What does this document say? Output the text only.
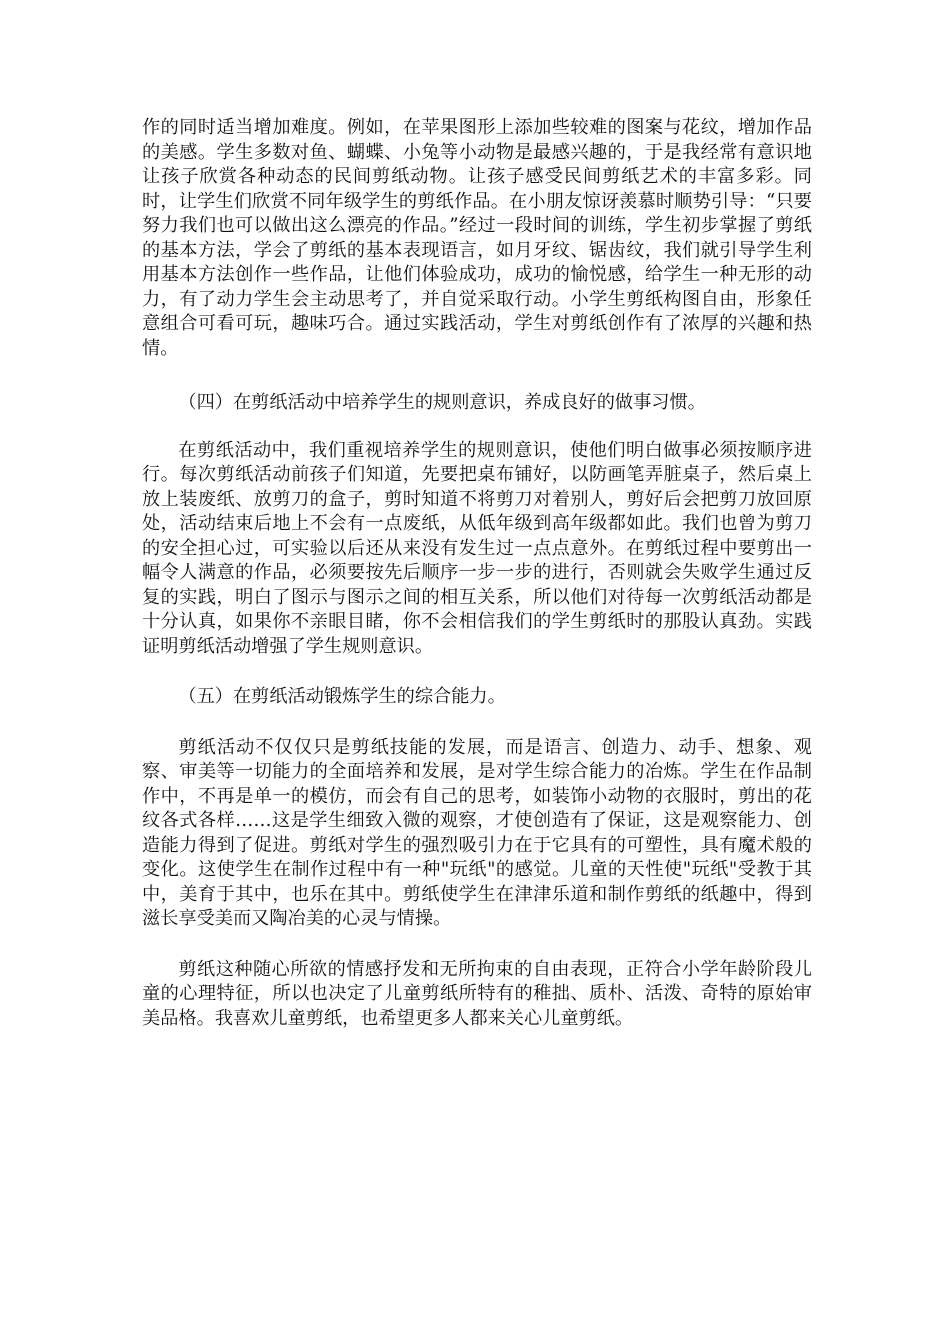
作的同时适当增加难度。例如，在苹果图形上添加些较难的图案与花纹，增加作品的美感。学生多数对鱼、蝴蝶、小兔等小动物是最感兴趣的，于是我经常有意识地让孩子欣赏各种动态的民间剪纸动物。让孩子感受民间剪纸艺术的丰富多彩。同时，让学生们欣赏不同年级学生的剪纸作品。在小朋友惊讶羡慕时顺势引导：“只要努力我们也可以做出这么漂亮的作品。”经过一段时间的训练，学生初步掌握了剪纸的基本方法，学会了剪纸的基本表现语言，如月牙纹、锯齿纹，我们就引导学生利用基本方法创作一些作品，让他们体验成功，成功的愉悦感，给学生一种无形的动力，有了动力学生会主动思考了，并自觉采取行动。小学生剪纸构图自由，形象任意组合可看可玩，趣味巧合。通过实践活动，学生对剪纸创作有了浓厚的兴趣和热情。

（四）在剪纸活动中培养学生的规则意识，养成良好的做事习惯。

在剪纸活动中，我们重视培养学生的规则意识，使他们明白做事必须按顺序进行。每次剪纸活动前孩子们知道，先要把桌布铺好，以防画笔弄脏桌子，然后桌上放上装废纸、放剪刀的盒子，剪时知道不将剪刀对着别人，剪好后会把剪刀放回原处，活动结束后地上不会有一点废纸，从低年级到高年级都如此。我们也曾为剪刀的安全担心过，可实验以后还从来没有发生过一点点意外。在剪纸过程中要剪出一幅令人满意的作品，必须要按先后顺序一步一步的进行，否则就会失败学生通过反复的实践，明白了图示与图示之间的相互关系，所以他们对待每一次剪纸活动都是十分认真，如果你不亲眼目睹，你不会相信我们的学生剪纸时的那股认真劲。实践证明剪纸活动增强了学生规则意识。

（五）在剪纸活动锻炼学生的综合能力。

剪纸活动不仅仅只是剪纸技能的发展，而是语言、创造力、动手、想象、观察、审美等一切能力的全面培养和发展，是对学生综合能力的冶炼。学生在作品制作中，不再是单一的模仿，而会有自己的思考，如装饰小动物的衣服时，剪出的花纹各式各样……这是学生细致入微的观察，才使创造有了保证，这是观察能力、创造能力得到了促进。剪纸对学生的强烈吸引力在于它具有的可塑性，具有魔术般的变化。这使学生在制作过程中有一种"玩纸"的感觉。儿童的天性使"玩纸"受教于其中，美育于其中，也乐在其中。剪纸使学生在津津乐道和制作剪纸的纸趣中，得到滋长享受美而又陶冶美的心灵与情操。

剪纸这种随心所欲的情感抒发和无所拘束的自由表现，正符合小学年龄阶段儿童的心理特征，所以也决定了儿童剪纸所特有的稚拙、质朴、活泼、奇特的原始审美品格。我喜欢儿童剪纸，也希望更多人都来关心儿童剪纸。
